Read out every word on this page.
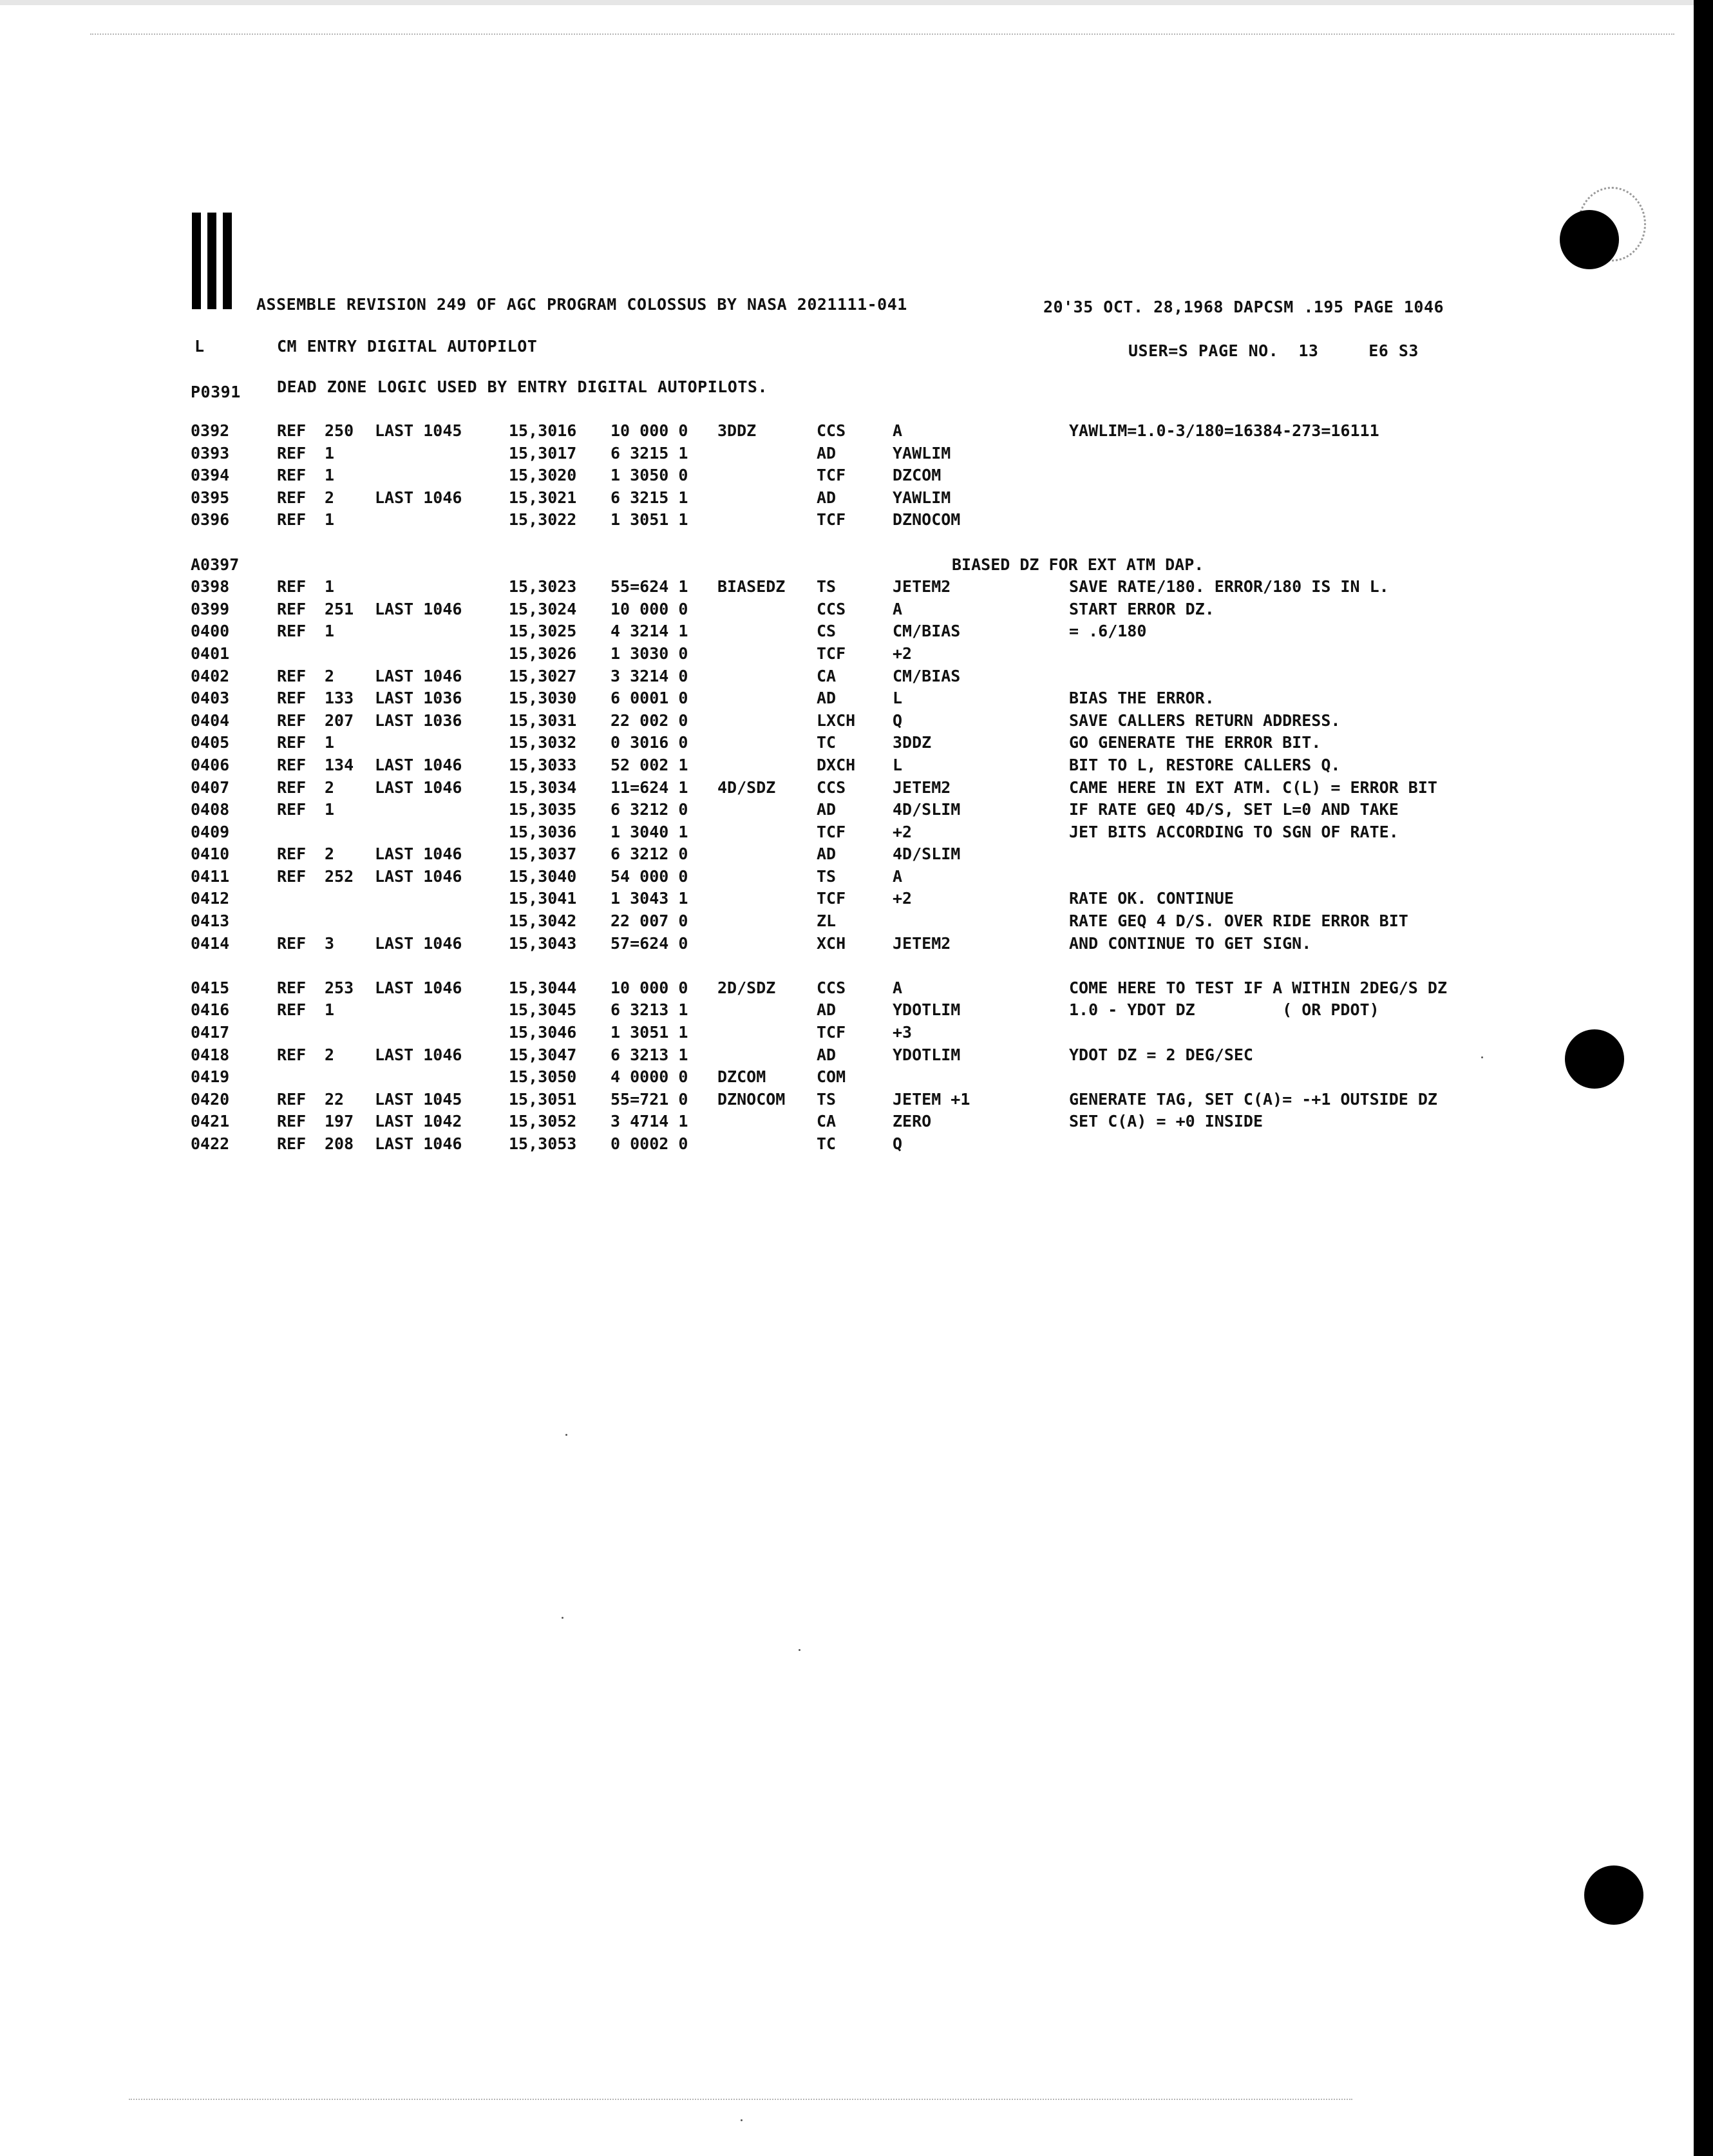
ASSEMBLE REVISION 249 OF AGC PROGRAM COLOSSUS BY NASA 2021111-041	20'35 OCT. 28,1968 DAPCSM .195 PAGE 1046
L	CM ENTRY DIGITAL AUTOPILOT	USER=S PAGE NO.  13     E6 S3
P0391 DEAD ZONE LOGIC USED BY ENTRY DIGITAL AUTOPILOTS.
0392	REF 250 LAST 1045	15,3016 10 000 0 3DDZ	CCS	A	YAWLIM=1.0-3/180=16384-273=16111
0393	REF 1	15,3017 6 3215 1	AD	YAWLIM
0394	REF 1	15,3020 1 3050 0	TCF	DZCOM
0395	REF 2	LAST 1046	15,3021 6 3215 1	AD	YAWLIM
0396	REF 1	15,3022 1 3051 1	TCF	DZNOCOM
A0397	BIASED DZ FOR EXT ATM DAP.
0398	REF 1	15,3023 55=624 1 BIASEDZ TS	JETEM2	SAVE RATE/180. ERROR/180 IS IN L.
0399	REF 251 LAST 1046	15,3024 10 000 0	CCS	A	START ERROR DZ.
0400	REF 1	15,3025 4 3214 1	CS	CM/BIAS	= .6/180
0401	15,3026 1 3030 0	TCF	+2
0402	REF 2	LAST 1046	15,3027 3 3214 0	CA	CM/BIAS
0403	REF 133 LAST 1036	15,3030 6 0001 0	AD	L	BIAS THE ERROR.
0404	REF 207 LAST 1036	15,3031 22 002 0	LXCH Q	SAVE CALLERS RETURN ADDRESS.
0405	REF 1	15,3032 0 3016 0	TC	3DDZ	GO GENERATE THE ERROR BIT.
0406	REF 134 LAST 1046	15,3033 52 002 1	DXCH L	BIT TO L, RESTORE CALLERS Q.
0407	REF 2	LAST 1046	15,3034 11=624 1 4D/SDZ	CCS	JETEM2	CAME HERE IN EXT ATM. C(L) = ERROR BIT
0408	REF 1	15,3035 6 3212 0	AD	4D/SLIM	IF RATE GEQ 4D/S, SET L=0 AND TAKE
0409	15,3036 1 3040 1	TCF	+2	JET BITS ACCORDING TO SGN OF RATE.
0410	REF 2	LAST 1046	15,3037 6 3212 0	AD	4D/SLIM
0411	REF 252 LAST 1046	15,3040 54 000 0	TS	A
0412	15,3041 1 3043 1	TCF	+2	RATE OK. CONTINUE
0413	15,3042 22 007 0	ZL	RATE GEQ 4 D/S. OVER RIDE ERROR BIT
0414	REF 3	LAST 1046	15,3043 57=624 0	XCH	JETEM2	AND CONTINUE TO GET SIGN.
0415	REF 253 LAST 1046	15,3044 10 000 0 2D/SDZ	CCS	A	COME HERE TO TEST IF A WITHIN 2DEG/S DZ
0416	REF 1	15,3045 6 3213 1	AD	YDOTLIM	1.0 - YDOT DZ         ( OR PDOT)
0417	15,3046 1 3051 1	TCF	+3
0418	REF 2	LAST 1046	15,3047 6 3213 1	AD	YDOTLIM	YDOT DZ = 2 DEG/SEC
0419	15,3050 4 0000 0 DZCOM	COM
0420	REF 22 LAST 1045	15,3051 55=721 0 DZNOCOM TS	JETEM +1	GENERATE TAG, SET C(A)= -+1 OUTSIDE DZ
0421	REF 197 LAST 1042	15,3052 3 4714 1	CA	ZERO	SET C(A) = +0 INSIDE
0422	REF 208 LAST 1046	15,3053 0 0002 0	TC	Q
